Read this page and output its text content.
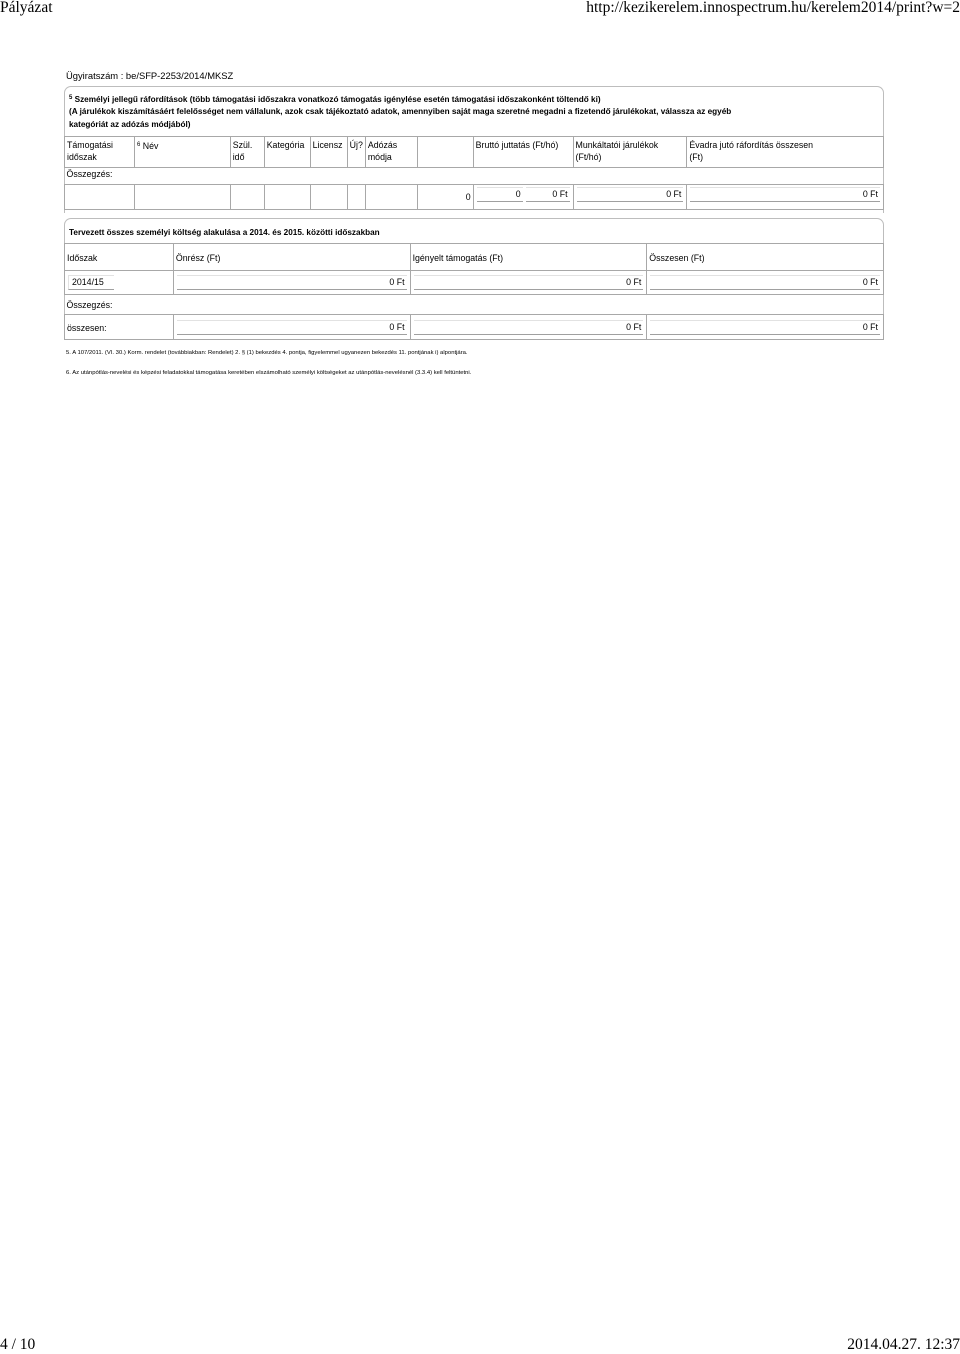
Pályázat	http://kezikerelem.innospectrum.hu/kerelem2014/print?w=2
Ügyiratszám : be/SFP-2253/2014/MKSZ
$^5$ Személyi jellegű ráfordítások (több támogatási időszakra vonatkozó támogatás igénylése esetén támogatási időszakonként töltendő ki)
(A járulékok kiszámításáért felelősséget nem vállalunk, azok csak tájékoztató adatok, amennyiben saját maga szeretné megadni a fizetendő járulékokat, válassza az egyéb
kategóriát az adózás módjából)
Támogatási
időszak	$^6$ Név	Szül.
idő	Kategória	Licensz	Új?	Adózás
módja		Bruttó juttatás (Ft/hó)	Munkáltatói járulékok
(Ft/hó)	Évadra jutó ráfordítás összesen
(Ft)
Összegzés:										
							0	0 0 Ft	0 Ft	0 Ft
Tervezett összes személyi költség alakulása a 2014. és 2015. közötti időszakban
Időszak	Önrész (Ft)	Igényelt támogatás (Ft)	Összesen (Ft)

2014/15	0 Ft	0 Ft	0 Ft

Összegzés:			
összesen:	0 Ft	0 Ft	0 Ft
5. A 107/2011. (VI. 30.) Korm. rendelet (továbbiakban: Rendelet) 2. § (1) bekezdés 4. pontja, figyelemmel ugyanezen bekezdés 11. pontjának i) alpontjára.
6. Az utánpótlás-nevelési és képzési feladatokkal támogatása keretében elszámolható személyi költségeket az utánpótlás-nevelésnél (3.3.4) kell feltüntetni.
4 / 10	2014.04.27. 12:37
